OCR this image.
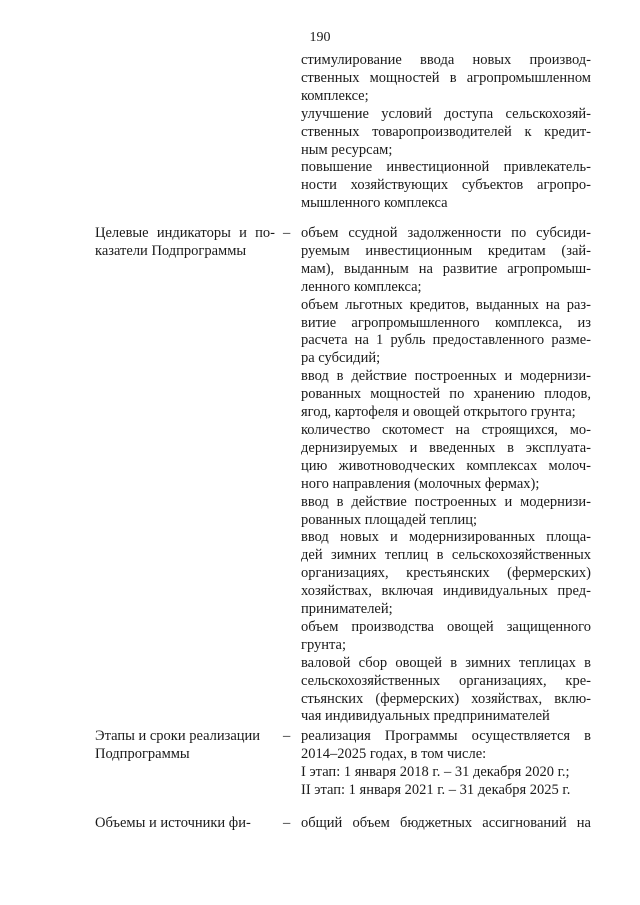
190
стимулирование ввода новых производ-
ственных мощностей в агропромышленном
комплексе;
улучшение условий доступа сельскохозяй-
ственных товаропроизводителей к кредит-
ным ресурсам;
повышение инвестиционной привлекатель-
ности хозяйствующих субъектов агропро-
мышленного комплекса
Целевые индикаторы и по-
казатели Подпрограммы
– объем ссудной задолженности по субсиди-
руемым инвестиционным кредитам (зай-
мам), выданным на развитие агропромыш-
ленного комплекса;
объем льготных кредитов, выданных на раз-
витие агропромышленного комплекса, из
расчета на 1 рубль предоставленного разме-
ра субсидий;
ввод в действие построенных и модернизи-
рованных мощностей по хранению плодов,
ягод, картофеля и овощей открытого грунта;
количество скотомест на строящихся, мо-
дернизируемых и введенных в эксплуата-
цию животноводческих комплексах молоч-
ного направления (молочных фермах);
ввод в действие построенных и модернизи-
рованных площадей теплиц;
ввод новых и модернизированных площа-
дей зимних теплиц в сельскохозяйственных
организациях, крестьянских (фермерских)
хозяйствах, включая индивидуальных пред-
принимателей;
объем производства овощей защищенного
грунта;
валовой сбор овощей в зимних теплицах в
сельскохозяйственных организациях, кре-
стьянских (фермерских) хозяйствах, вклю-
чая индивидуальных предпринимателей
Этапы и сроки реализации
Подпрограммы
– реализация Программы осуществляется в
2014–2025 годах, в том числе:
I этап: 1 января 2018 г. – 31 декабря 2020 г.;
II этап: 1 января 2021 г. – 31 декабря 2025 г.
Объемы и источники фи-	– общий объем бюджетных ассигнований на
